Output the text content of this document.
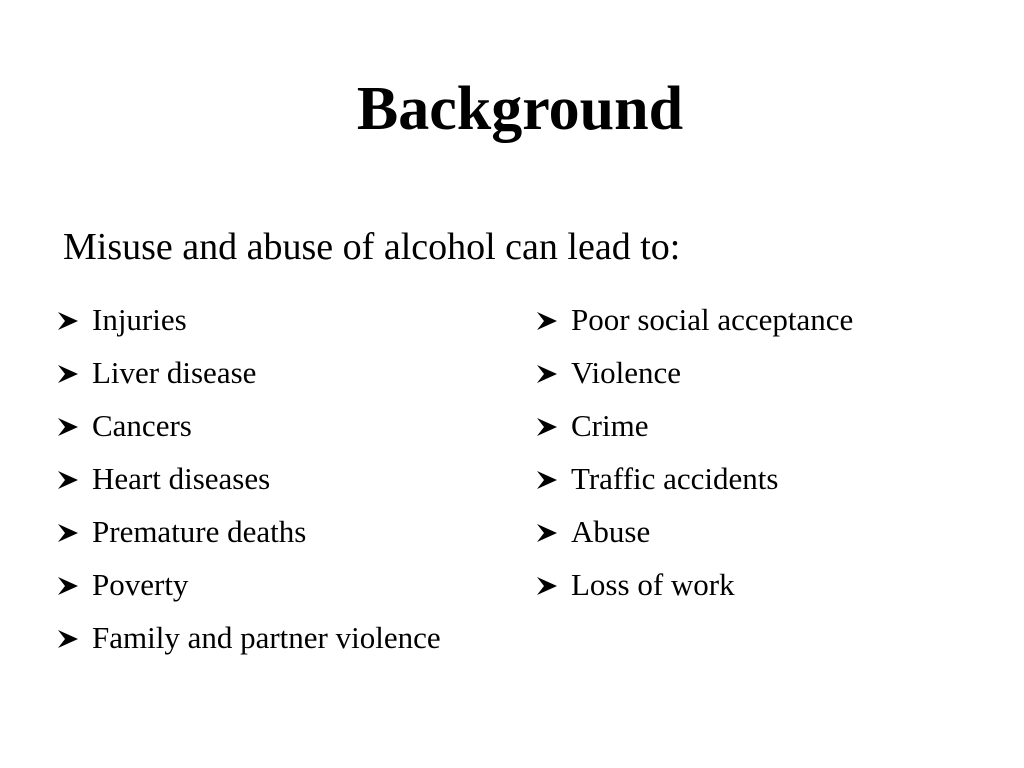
Background

Misuse and abuse of alcohol can lead to:

Injuries
Liver disease
Cancers
Heart diseases
Premature deaths
Poverty
Family and partner violence
Poor social acceptance
Violence
Crime
Traffic accidents
Abuse
Loss of work
